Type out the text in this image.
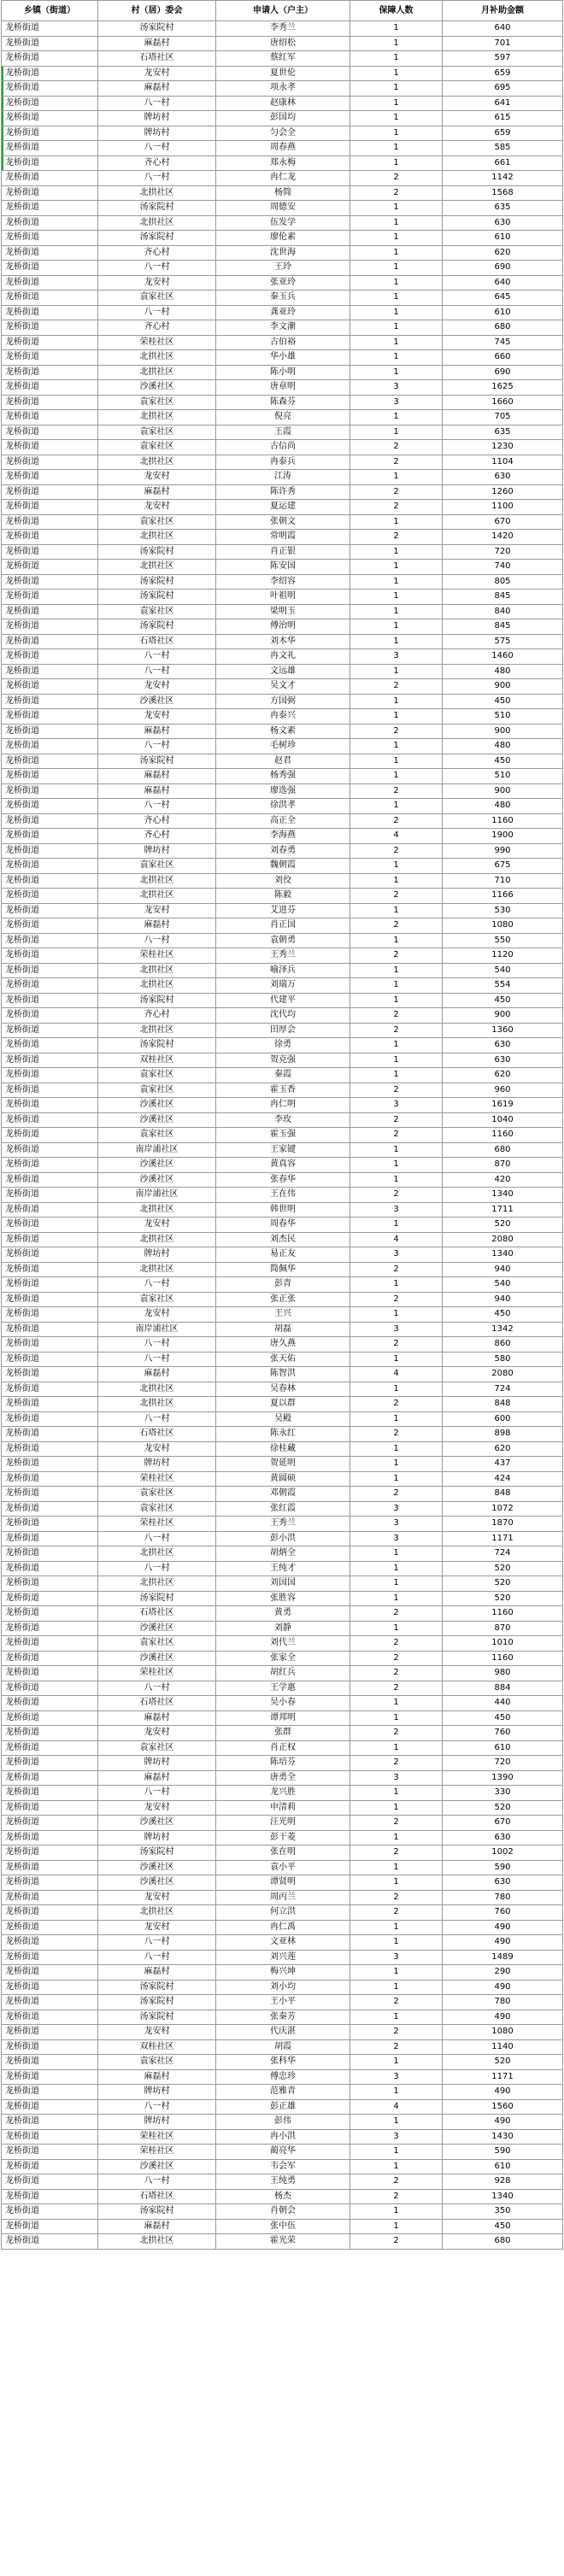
乡镇（街道）	村（居）委会	申请人（户主）	保障人数	月补助金额
龙桥街道	汤家院村	李秀兰	1	640
龙桥街道	麻磊村	唐绍松	1	701
龙桥街道	石塔社区	蔡红军	1	597
龙桥街道	龙安村	夏世伦	1	659
龙桥街道	麻磊村	项永孝	1	695
龙桥街道	八一村	赵康林	1	641
龙桥街道	牌坊村	彭国均	1	615
龙桥街道	牌坊村	匀会全	1	659
龙桥街道	八一村	周春燕	1	585
龙桥街道	齐心村	郑永梅	1	661
龙桥街道	八一村	冉仁龙	2	1142
龙桥街道	北拱社区	杨简	2	1568
龙桥街道	汤家院村	周德安	1	635
龙桥街道	北拱社区	伍发学	1	630
龙桥街道	汤家院村	廖伦素	1	610
龙桥街道	齐心村	沈世海	1	620
龙桥街道	八一村	王玲	1	690
龙桥街道	龙安村	张亚玲	1	640
龙桥街道	袁家社区	秦玉兵	1	645
龙桥街道	八一村	龚亚玲	1	610
龙桥街道	齐心村	李文潮	1	680
龙桥街道	荣桂社区	古伯裕	1	745
龙桥街道	北拱社区	华小雄	1	660
龙桥街道	北拱社区	陈小明	1	690
龙桥街道	沙溪社区	唐章明	3	1625
龙桥街道	袁家社区	陈森芬	3	1660
龙桥街道	北拱社区	倪亮	1	705
龙桥街道	袁家社区	王霞	1	635
龙桥街道	袁家社区	古信尚	2	1230
龙桥街道	北拱社区	冉泰兵	2	1104
龙桥街道	龙安村	江涛	1	630
龙桥街道	麻磊村	陈许秀	2	1260
龙桥街道	龙安村	夏运建	2	1100
龙桥街道	袁家社区	张朝文	1	670
龙桥街道	北拱社区	常明霞	2	1420
龙桥街道	汤家院村	肖正银	1	720
龙桥街道	北拱社区	陈安国	1	740
龙桥街道	汤家院村	李绍容	1	805
龙桥街道	汤家院村	叶祖明	1	845
龙桥街道	袁家社区	梁明玉	1	840
龙桥街道	汤家院村	傅治明	1	845
龙桥街道	石塔社区	刘木华	1	575
龙桥街道	八一村	冉文礼	3	1460
龙桥街道	八一村	文远雄	1	480
龙桥街道	龙安村	吴文才	2	900
龙桥街道	沙溪社区	方国弼	1	450
龙桥街道	龙安村	冉泰兴	1	510
龙桥街道	麻磊村	杨文素	2	900
龙桥街道	八一村	毛树珍	1	480
龙桥街道	汤家院村	赵君	1	450
龙桥街道	麻磊村	杨秀强	1	510
龙桥街道	麻磊村	廖选强	2	900
龙桥街道	八一村	徐洪孝	1	480
龙桥街道	齐心村	高正全	2	1160
龙桥街道	齐心村	李海燕	4	1900
龙桥街道	牌坊村	刘春勇	2	990
龙桥街道	袁家社区	魏朝霞	1	675
龙桥街道	北拱社区	刘佼	1	710
龙桥街道	北拱社区	陈毅	2	1166
龙桥街道	龙安村	艾进芬	1	530
龙桥街道	麻磊村	肖正国	2	1080
龙桥街道	八一村	袁朝勇	1	550
龙桥街道	荣桂社区	王秀兰	2	1120
龙桥街道	北拱社区	喻泽兵	1	540
龙桥街道	北拱社区	刘瑞万	1	554
龙桥街道	汤家院村	代建平	1	450
龙桥街道	齐心村	沈代均	2	900
龙桥街道	北拱社区	田厚会	2	1360
龙桥街道	汤家院村	徐勇	1	630
龙桥街道	双桂社区	贺克强	1	630
龙桥街道	袁家社区	秦霞	1	620
龙桥街道	袁家社区	霍玉香	2	960
龙桥街道	沙溪社区	冉仁明	3	1619
龙桥街道	沙溪社区	李玫	2	1040
龙桥街道	袁家社区	霍玉强	2	1160
龙桥街道	南岸浦社区	王家键	1	680
龙桥街道	沙溪社区	黄真容	1	870
龙桥街道	沙溪社区	张春华	1	420
龙桥街道	南岸浦社区	王在伟	2	1340
龙桥街道	北拱社区	韩世明	3	1711
龙桥街道	龙安村	周春华	1	520
龙桥街道	北拱社区	刘杰民	4	2080
龙桥街道	牌坊村	易正友	3	1340
龙桥街道	北拱社区	简佩华	2	940
龙桥街道	八一村	彭青	1	540
龙桥街道	袁家社区	张正张	2	940
龙桥街道	龙安村	王兴	1	450
龙桥街道	南岸浦社区	胡磊	3	1342
龙桥街道	八一村	唐久燕	2	860
龙桥街道	八一村	张天佑	1	580
龙桥街道	麻磊村	陈智洪	4	2080
龙桥街道	北拱社区	吴春林	1	724
龙桥街道	北拱社区	夏以群	2	848
龙桥街道	八一村	吴殿	1	600
龙桥街道	石塔社区	陈永红	2	898
龙桥街道	龙安村	徐桂藏	1	620
龙桥街道	牌坊村	贺延明	1	437
龙桥街道	荣桂社区	黄圆硕	1	424
龙桥街道	袁家社区	邓朝霞	2	848
龙桥街道	袁家社区	张红霞	3	1072
龙桥街道	荣桂社区	王秀兰	3	1870
龙桥街道	八一村	彭小洪	3	1171
龙桥街道	北拱社区	胡炳全	1	724
龙桥街道	八一村	王纯才	1	520
龙桥街道	北拱社区	刘国国	1	520
龙桥街道	汤家院村	张胜容	1	520
龙桥街道	石塔社区	黄勇	2	1160
龙桥街道	沙溪社区	刘静	1	870
龙桥街道	袁家社区	刘代兰	2	1010
龙桥街道	沙溪社区	张家全	2	1160
龙桥街道	荣桂社区	胡红兵	2	980
龙桥街道	八一村	王学惠	2	884
龙桥街道	石塔社区	吴小春	1	440
龙桥街道	麻磊村	谭邦明	1	450
龙桥街道	龙安村	张群	2	760
龙桥街道	袁家社区	肖正权	1	610
龙桥街道	牌坊村	陈培芬	2	720
龙桥街道	麻磊村	唐勇全	3	1390
龙桥街道	八一村	龙兴胜	1	330
龙桥街道	龙安村	申清莉	1	520
龙桥街道	沙溪社区	汪光明	2	670
龙桥街道	牌坊村	彭干菱	1	630
龙桥街道	汤家院村	张在明	2	1002
龙桥街道	沙溪社区	袁小平	1	590
龙桥街道	沙溪社区	谭贤明	1	630
龙桥街道	龙安村	周丙兰	2	780
龙桥街道	北拱社区	何立洪	2	760
龙桥街道	龙安村	冉仁禹	1	490
龙桥街道	八一村	文亚林	1	490
龙桥街道	八一村	刘兴莲	3	1489
龙桥街道	麻磊村	梅兴坤	1	290
龙桥街道	汤家院村	刘小均	1	490
龙桥街道	汤家院村	王小平	2	780
龙桥街道	汤家院村	张秦芳	1	490
龙桥街道	龙安村	代庆湛	2	1080
龙桥街道	双桂社区	胡霞	2	1140
龙桥街道	袁家社区	张科华	1	520
龙桥街道	麻磊村	傅忠珍	3	1171
龙桥街道	牌坊村	范雅青	1	490
龙桥街道	八一村	彭正雄	4	1560
龙桥街道	牌坊村	彭伟	1	490
龙桥街道	荣桂社区	冉小洪	3	1430
龙桥街道	荣桂社区	蔺亮华	1	590
龙桥街道	沙溪社区	韦会军	1	610
龙桥街道	八一村	王纯勇	2	928
龙桥街道	石塔社区	杨杰	2	1340
龙桥街道	汤家院村	肖朝会	1	350
龙桥街道	麻磊村	张中伍	1	450
龙桥街道	北拱社区	霍光荣	2	680
